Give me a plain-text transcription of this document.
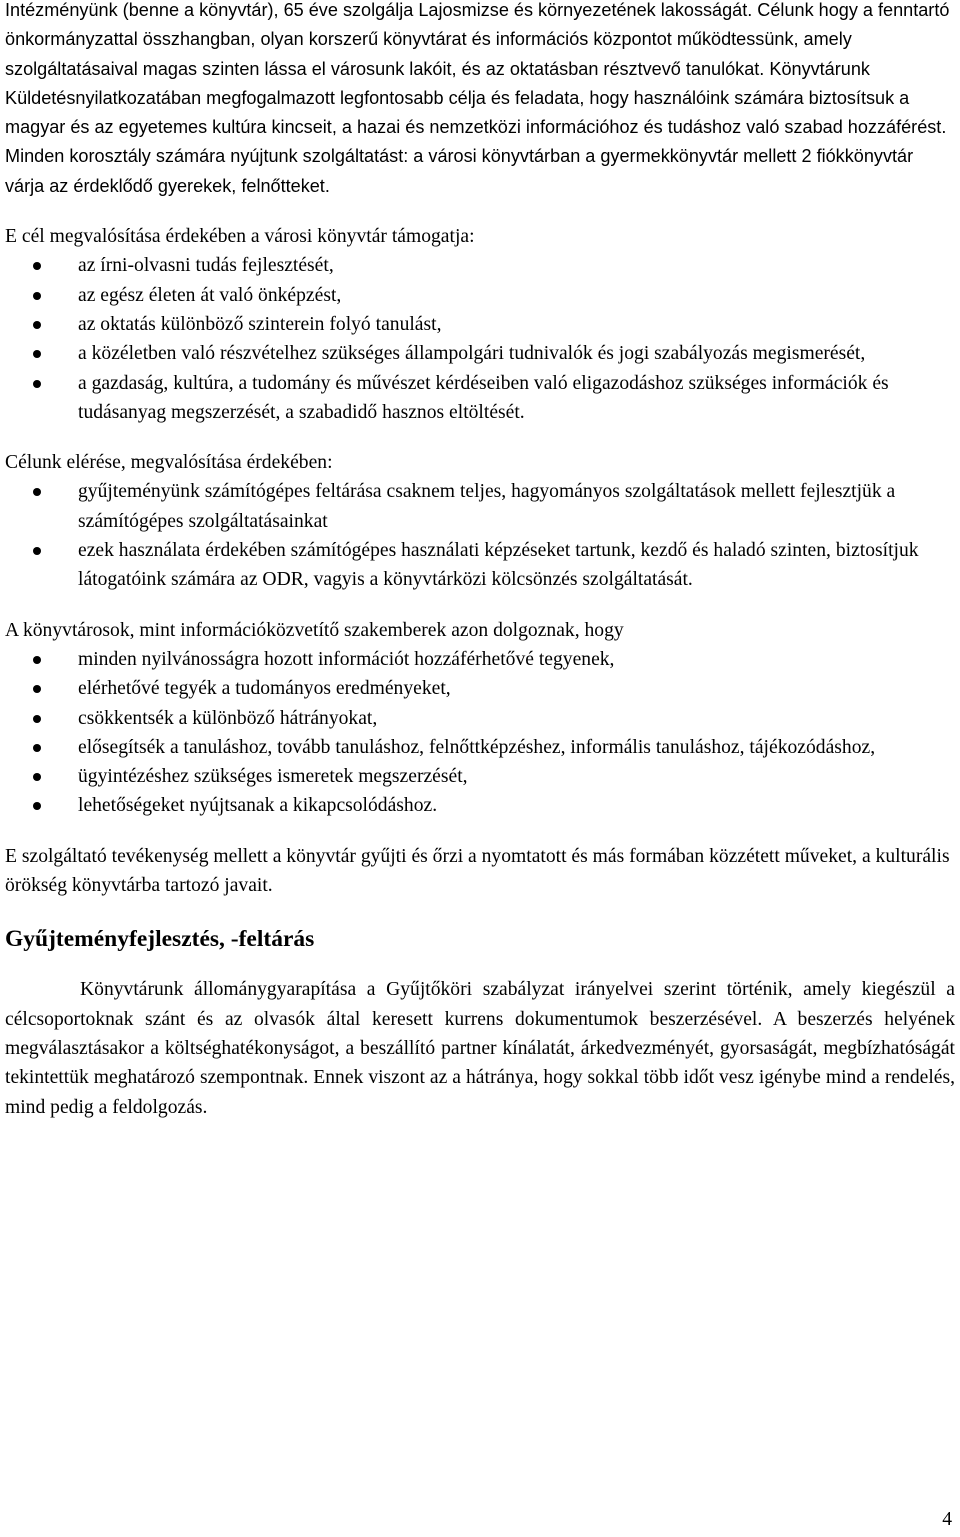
Intézményünk (benne a könyvtár), 65 éve szolgálja Lajosmizse és környezetének lakosságát. Célunk hogy a fenntartó önkormányzattal összhangban, olyan korszerű könyvtárat és információs központot működtessünk, amely szolgáltatásaival magas szinten lássa el városunk lakóit, és az oktatásban résztvevő tanulókat. Könyvtárunk Küldetésnyilatkozatában megfogalmazott legfontosabb célja és feladata, hogy használóink számára biztosítsuk a magyar és az egyetemes kultúra kincseit, a hazai és nemzetközi információhoz és tudáshoz való szabad hozzáférést. Minden korosztály számára nyújtunk szolgáltatást: a városi könyvtárban a gyermekkönyvtár mellett 2 fiókkönyvtár várja az érdeklődő gyerekek, felnőtteket.

E cél megvalósítása érdekében a városi könyvtár támogatja:

az írni-olvasni tudás fejlesztését,
az egész életen át való önképzést,
az oktatás különböző szinterein folyó tanulást,
a közéletben való részvételhez szükséges állampolgári tudnivalók és jogi szabályozás megismerését,
a gazdaság, kultúra, a tudomány és művészet kérdéseiben való eligazodáshoz szükséges információk és tudásanyag megszerzését, a szabadidő hasznos eltöltését.

Célunk elérése, megvalósítása érdekében:

gyűjteményünk számítógépes feltárása csaknem teljes, hagyományos szolgáltatások mellett fejlesztjük a számítógépes szolgáltatásainkat
ezek használata érdekében számítógépes használati képzéseket tartunk, kezdő és haladó szinten, biztosítjuk látogatóink számára az ODR, vagyis a könyvtárközi kölcsönzés szolgáltatását.

A könyvtárosok, mint információközvetítő szakemberek azon dolgoznak, hogy

minden nyilvánosságra hozott információt hozzáférhetővé tegyenek,
elérhetővé tegyék a tudományos eredményeket,
csökkentsék a különböző hátrányokat,
elősegítsék a tanuláshoz, tovább tanuláshoz, felnőttképzéshez, informális tanuláshoz, tájékozódáshoz,
ügyintézéshez szükséges ismeretek megszerzését,
lehetőségeket nyújtsanak a kikapcsolódáshoz.

E szolgáltató tevékenység mellett a könyvtár gyűjti és őrzi a nyomtatott és más formában közzétett műveket, a kulturális örökség könyvtárba tartozó javait.

Gyűjteményfejlesztés, -feltárás

Könyvtárunk állománygyarapítása a Gyűjtőköri szabályzat irányelvei szerint történik, amely kiegészül a célcsoportoknak szánt és az olvasók által keresett kurrens dokumentumok beszerzésével. A beszerzés helyének megválasztásakor a költséghatékonyságot, a beszállító partner kínálatát, árkedvezményét, gyorsaságát, megbízhatóságát tekintettük meghatározó szempontnak. Ennek viszont az a hátránya, hogy sokkal több időt vesz igénybe mind a rendelés, mind pedig a feldolgozás.

4
